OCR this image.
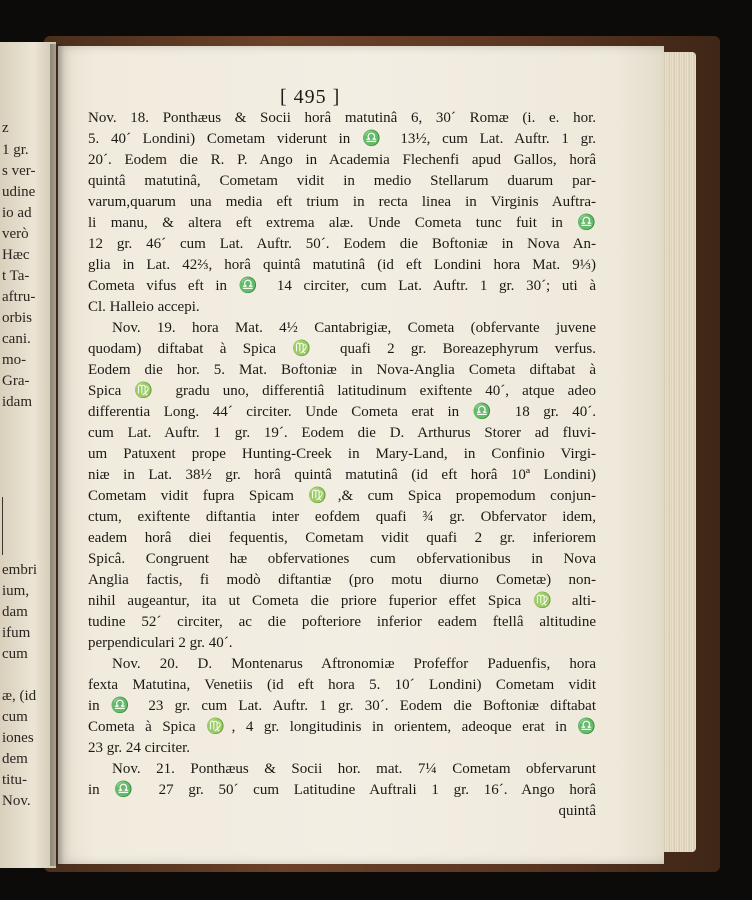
z
1 gr.
s ver-
udine
io ad
verò
Hæc
t Ta-
aftru-
orbis
cani.
mo-
Gra-
idam
embri
ium,
dam
ifum
cum
æ, (id
cum
iones
dem
titu-
Nov.
[ 495 ]
Nov. 18. Ponthæus & Socii horâ matutinâ 6, 30´ Romæ (i. e. hor.
5. 40´ Londini) Cometam viderunt in ♎ 13½, cum Lat. Auftr. 1 gr.
20´. Eodem die R. P. Ango in Academia Flechenfi apud Gallos, horâ
quintâ matutinâ, Cometam vidit in medio Stellarum duarum par-
varum,quarum una media eft trium in recta linea in Virginis Auftra-
li manu, & altera eft extrema alæ. Unde Cometa tunc fuit in ♎
12 gr. 46´ cum Lat. Auftr. 50´. Eodem die Boftoniæ in Nova An-
glia in Lat. 42⅔, horâ quintâ matutinâ (id eft Londini hora Mat. 9⅓)
Cometa vifus eft in ♎ 14 circiter, cum Lat. Auftr. 1 gr. 30´; uti à
Cl. Halleio accepi.
Nov. 19. hora Mat. 4½ Cantabrigiæ, Cometa (obfervante juvene
quodam) diftabat à Spica ♍ quafi 2 gr. Boreazephyrum verfus.
Eodem die hor. 5. Mat. Boftoniæ in Nova-Anglia Cometa diftabat à
Spica ♍ gradu uno, differentiâ latitudinum exiftente 40´, atque adeo
differentia Long. 44´ circiter. Unde Cometa erat in ♎ 18 gr. 40´.
cum Lat. Auftr. 1 gr. 19´. Eodem die D. Arthurus Storer ad fluvi-
um Patuxent prope Hunting-Creek in Mary-Land, in Confinio Virgi-
niæ in Lat. 38½ gr. horâ quintâ matutinâ (id eft horâ 10ª Londini)
Cometam vidit fupra Spicam ♍,& cum Spica propemodum conjun-
ctum, exiftente diftantia inter eofdem quafi ¾ gr. Obfervator idem,
eadem horâ diei fequentis, Cometam vidit quafi 2 gr. inferiorem
Spicâ. Congruent hæ obfervationes cum obfervationibus in Nova
Anglia factis, fi modò diftantiæ (pro motu diurno Cometæ) non-
nihil augeantur, ita ut Cometa die priore fuperior effet Spica ♍ alti-
tudine 52´ circiter, ac die pofteriore inferior eadem ftellâ altitudine
perpendiculari 2 gr. 40´.
Nov. 20. D. Montenarus Aftronomiæ Profeffor Paduenfis, hora
fexta Matutina, Venetiis (id eft hora 5. 10´ Londini) Cometam vidit
in ♎ 23 gr. cum Lat. Auftr. 1 gr. 30´. Eodem die Boftoniæ diftabat
Cometa à Spica ♍, 4 gr. longitudinis in orientem, adeoque erat in ♎
23 gr. 24 circiter.
Nov. 21. Ponthæus & Socii hor. mat. 7¼ Cometam obfervarunt
in ♎ 27 gr. 50´ cum Latitudine Auftrali 1 gr. 16´. Ango horâ
quintâ
